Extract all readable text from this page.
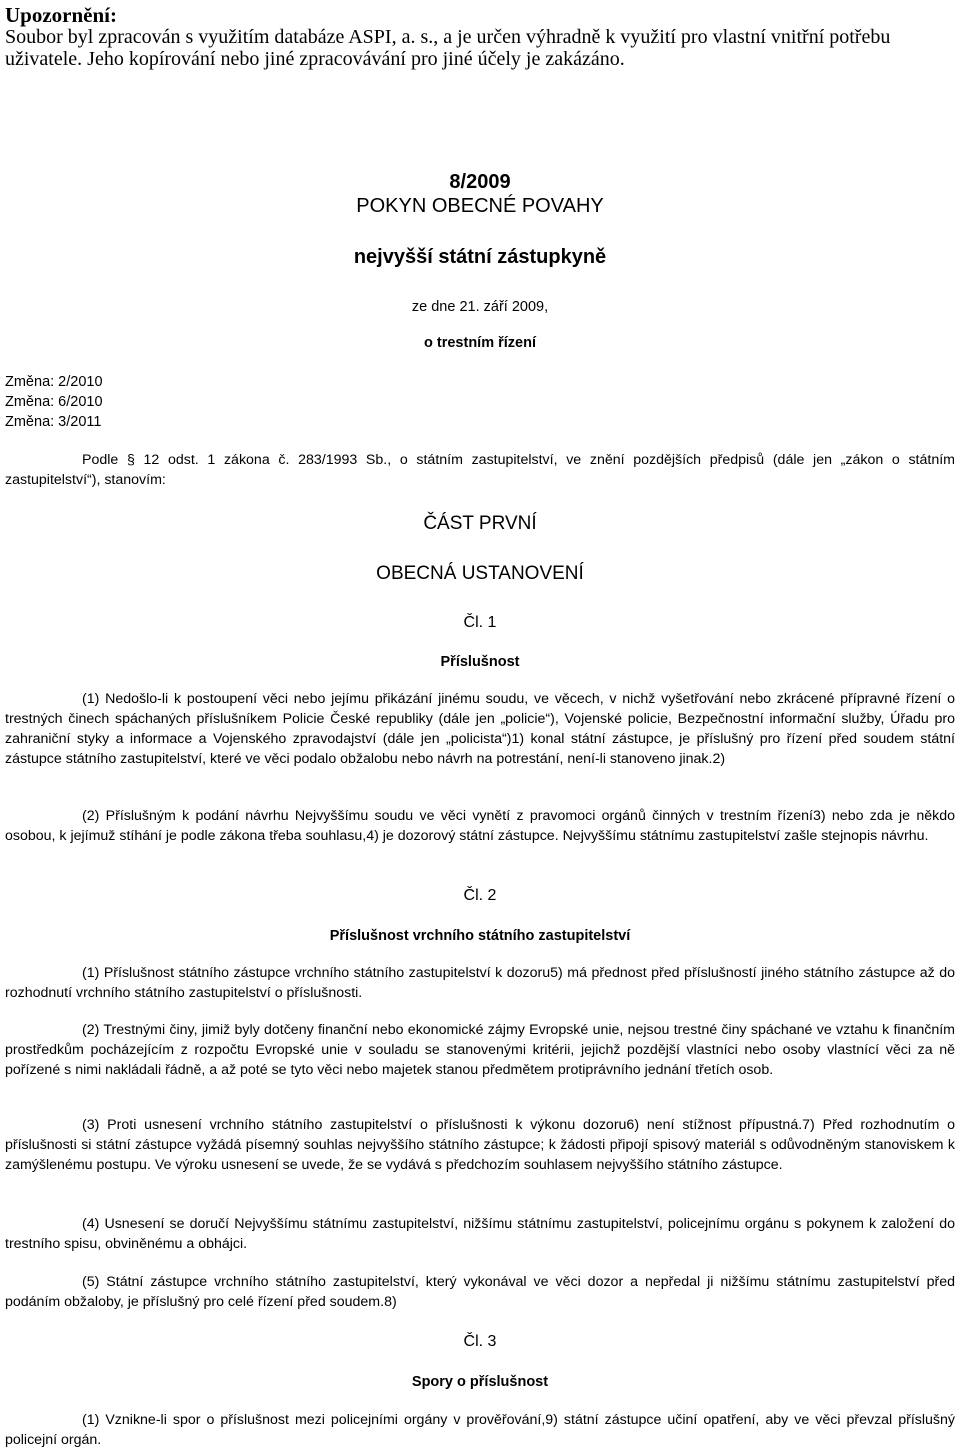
Upozornění:
Soubor byl zpracován s využitím databáze ASPI, a. s., a je určen výhradně k využití pro vlastní vnitřní potřebu uživatele. Jeho kopírování nebo jiné zpracovávání pro jiné účely je zakázáno.
8/2009
POKYN OBECNÉ POVAHY
nejvyšší státní zástupkyně
ze dne 21. září 2009,
o trestním řízení
Změna: 2/2010
Změna: 6/2010
Změna: 3/2011
Podle § 12 odst. 1 zákona č. 283/1993 Sb., o státním zastupitelství, ve znění pozdějších předpisů (dále jen „zákon o státním zastupitelství“), stanovím:
ČÁST PRVNÍ
OBECNÁ USTANOVENÍ
Čl. 1
Příslušnost
(1) Nedošlo-li k postoupení věci nebo jejímu přikázání jinému soudu, ve věcech, v nichž vyšetřování nebo zkrácené přípravné řízení o trestných činech spáchaných příslušníkem Policie České republiky (dále jen „policie“), Vojenské policie, Bezpečnostní informační služby, Úřadu pro zahraniční styky a informace a Vojenského zpravodajství (dále jen „policista“)1) konal státní zástupce, je příslušný pro řízení před soudem státní zástupce státního zastupitelství, které ve věci podalo obžalobu nebo návrh na potrestání, není-li stanoveno jinak.2)
(2) Příslušným k podání návrhu Nejvyššímu soudu ve věci vynětí z pravomoci orgánů činných v trestním řízení3) nebo zda je někdo osobou, k jejímuž stíhání je podle zákona třeba souhlasu,4) je dozorový státní zástupce. Nejvyššímu státnímu zastupitelství zašle stejnopis návrhu.
Čl. 2
Příslušnost vrchního státního zastupitelství
(1) Příslušnost státního zástupce vrchního státního zastupitelství k dozoru5) má přednost před příslušností jiného státního zástupce až do rozhodnutí vrchního státního zastupitelství o příslušnosti.
(2) Trestnými činy, jimiž byly dotčeny finanční nebo ekonomické zájmy Evropské unie, nejsou trestné činy spáchané ve vztahu k finančním prostředkům pocházejícím z rozpočtu Evropské unie v souladu se stanovenými kritérii, jejichž pozdější vlastníci nebo osoby vlastnící věci za ně pořízené s nimi nakládali řádně, a až poté se tyto věci nebo majetek stanou předmětem protiprávního jednání třetích osob.
(3) Proti usnesení vrchního státního zastupitelství o příslušnosti k výkonu dozoru6) není stížnost přípustná.7) Před rozhodnutím o příslušnosti si státní zástupce vyžádá písemný souhlas nejvyššího státního zástupce; k žádosti připojí spisový materiál s odůvodněným stanoviskem k zamýšlenému postupu. Ve výroku usnesení se uvede, že se vydává s předchozím souhlasem nejvyššího státního zástupce.
(4) Usnesení se doručí Nejvyššímu státnímu zastupitelství, nižšímu státnímu zastupitelství, policejnímu orgánu s pokynem k založení do trestního spisu, obviněnému a obhájci.
(5) Státní zástupce vrchního státního zastupitelství, který vykonával ve věci dozor a nepředal ji nižšímu státnímu zastupitelství před podáním obžaloby, je příslušný pro celé řízení před soudem.8)
Čl. 3
Spory o příslušnost
(1) Vznikne-li spor o příslušnost mezi policejními orgány v prověřování,9) státní zástupce učiní opatření, aby ve věci převzal příslušný policejní orgán.
